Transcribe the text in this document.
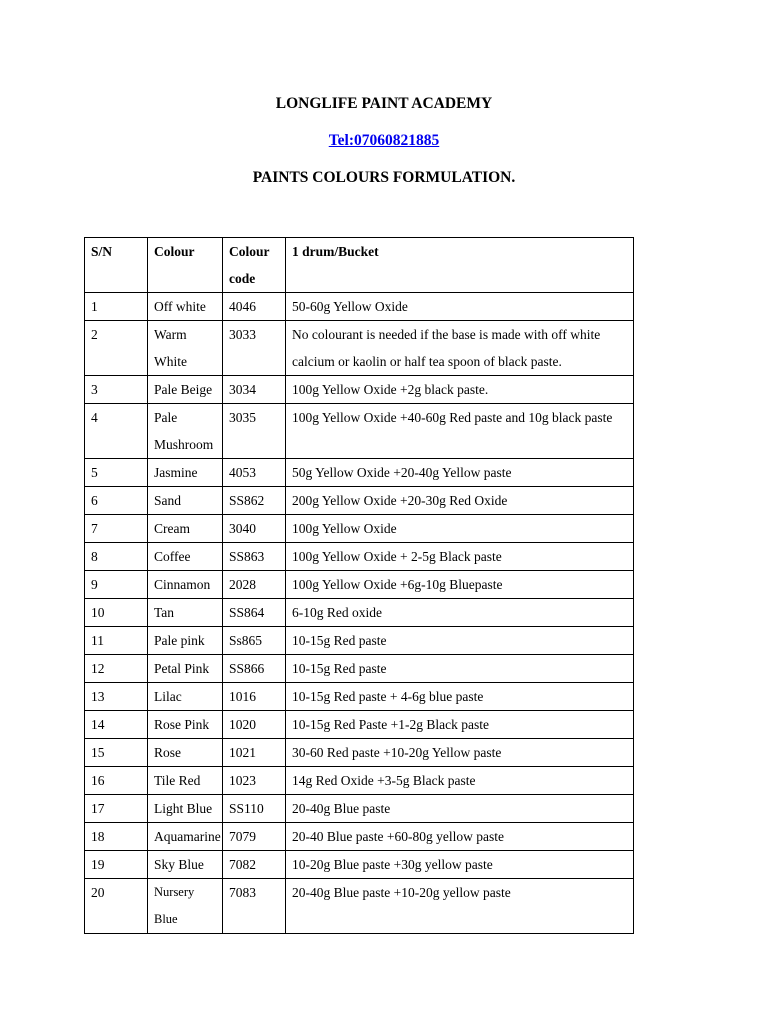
LONGLIFE PAINT ACADEMY
Tel:07060821885
PAINTS COLOURS FORMULATION.
S/N	Colour	Colour code	1 drum/Bucket
1	Off white	4046	50-60g Yellow Oxide
2	Warm White	3033	No colourant is needed if the base is made with off white calcium or kaolin or half tea spoon of black paste.
3	Pale Beige	3034	100g Yellow Oxide +2g black paste.
4	Pale Mushroom	3035	100g Yellow Oxide +40-60g Red paste and 10g black paste
5	Jasmine	4053	50g Yellow Oxide +20-40g Yellow paste
6	Sand	SS862	200g Yellow Oxide +20-30g Red Oxide
7	Cream	3040	100g Yellow Oxide
8	Coffee	SS863	100g Yellow Oxide + 2-5g Black paste
9	Cinnamon	2028	100g Yellow Oxide +6g-10g Bluepaste
10	Tan	SS864	6-10g Red oxide
11	Pale pink	Ss865	10-15g Red paste
12	Petal Pink	SS866	10-15g Red paste
13	Lilac	1016	10-15g Red paste + 4-6g blue paste
14	Rose Pink	1020	10-15g Red Paste +1-2g Black paste
15	Rose	1021	30-60 Red paste +10-20g Yellow paste
16	Tile Red	1023	14g Red Oxide +3-5g Black paste
17	Light Blue	SS110	20-40g Blue paste
18	Aquamarine	7079	20-40 Blue paste +60-80g yellow paste
19	Sky Blue	7082	10-20g Blue paste +30g yellow paste
20	Nursery Blue	7083	20-40g Blue paste +10-20g yellow paste
